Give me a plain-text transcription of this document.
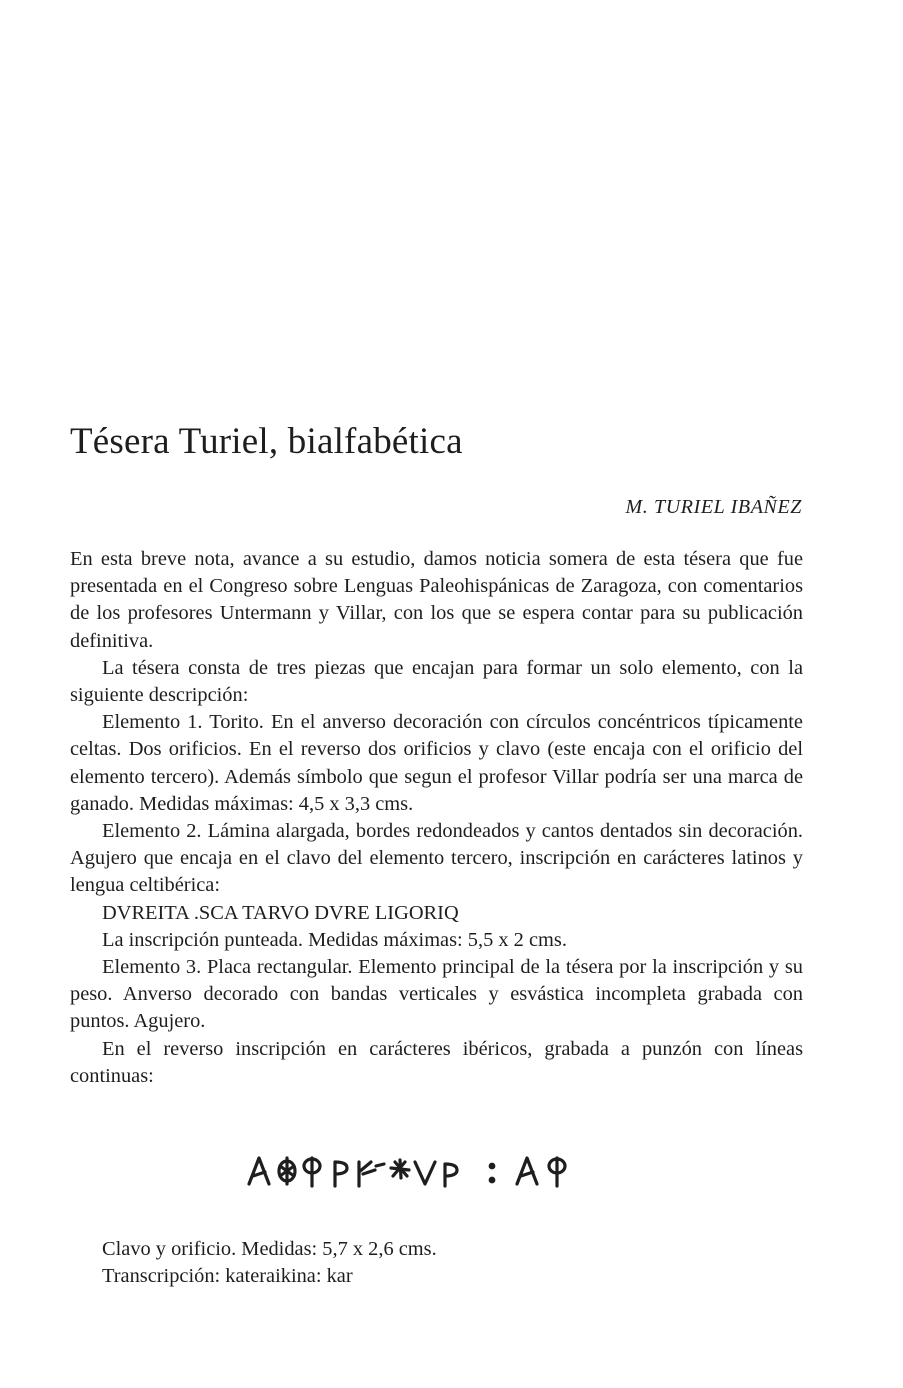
Tésera Turiel, bialfabética
M. TURIEL IBAÑEZ

En esta breve nota, avance a su estudio, damos noticia somera de esta tésera que fue presentada en el Congreso sobre Lenguas Paleohispánicas de Zaragoza, con comentarios de los profesores Untermann y Villar, con los que se espera contar para su publicación definitiva.

La tésera consta de tres piezas que encajan para formar un solo elemento, con la siguiente descripción:

Elemento 1. Torito. En el anverso decoración con círculos concéntricos típicamente celtas. Dos orificios. En el reverso dos orificios y clavo (este encaja con el orificio del elemento tercero). Además símbolo que segun el profesor Villar podría ser una marca de ganado. Medidas máximas: 4,5 x 3,3 cms.

Elemento 2. Lámina alargada, bordes redondeados y cantos dentados sin decoración. Agujero que encaja en el clavo del elemento tercero, inscripción en carácteres latinos y lengua celtibérica:

DVREITA .SCA TARVO DVRE LIGORIQ

La inscripción punteada. Medidas máximas: 5,5 x 2 cms.

Elemento 3. Placa rectangular. Elemento principal de la tésera por la inscripción y su peso. Anverso decorado con bandas verticales y esvástica incompleta grabada con puntos. Agujero.

En el reverso inscripción en carácteres ibéricos, grabada a punzón con líneas continuas:

Clavo y orificio. Medidas: 5,7 x 2,6 cms.
Transcripción: kateraikina: kar
